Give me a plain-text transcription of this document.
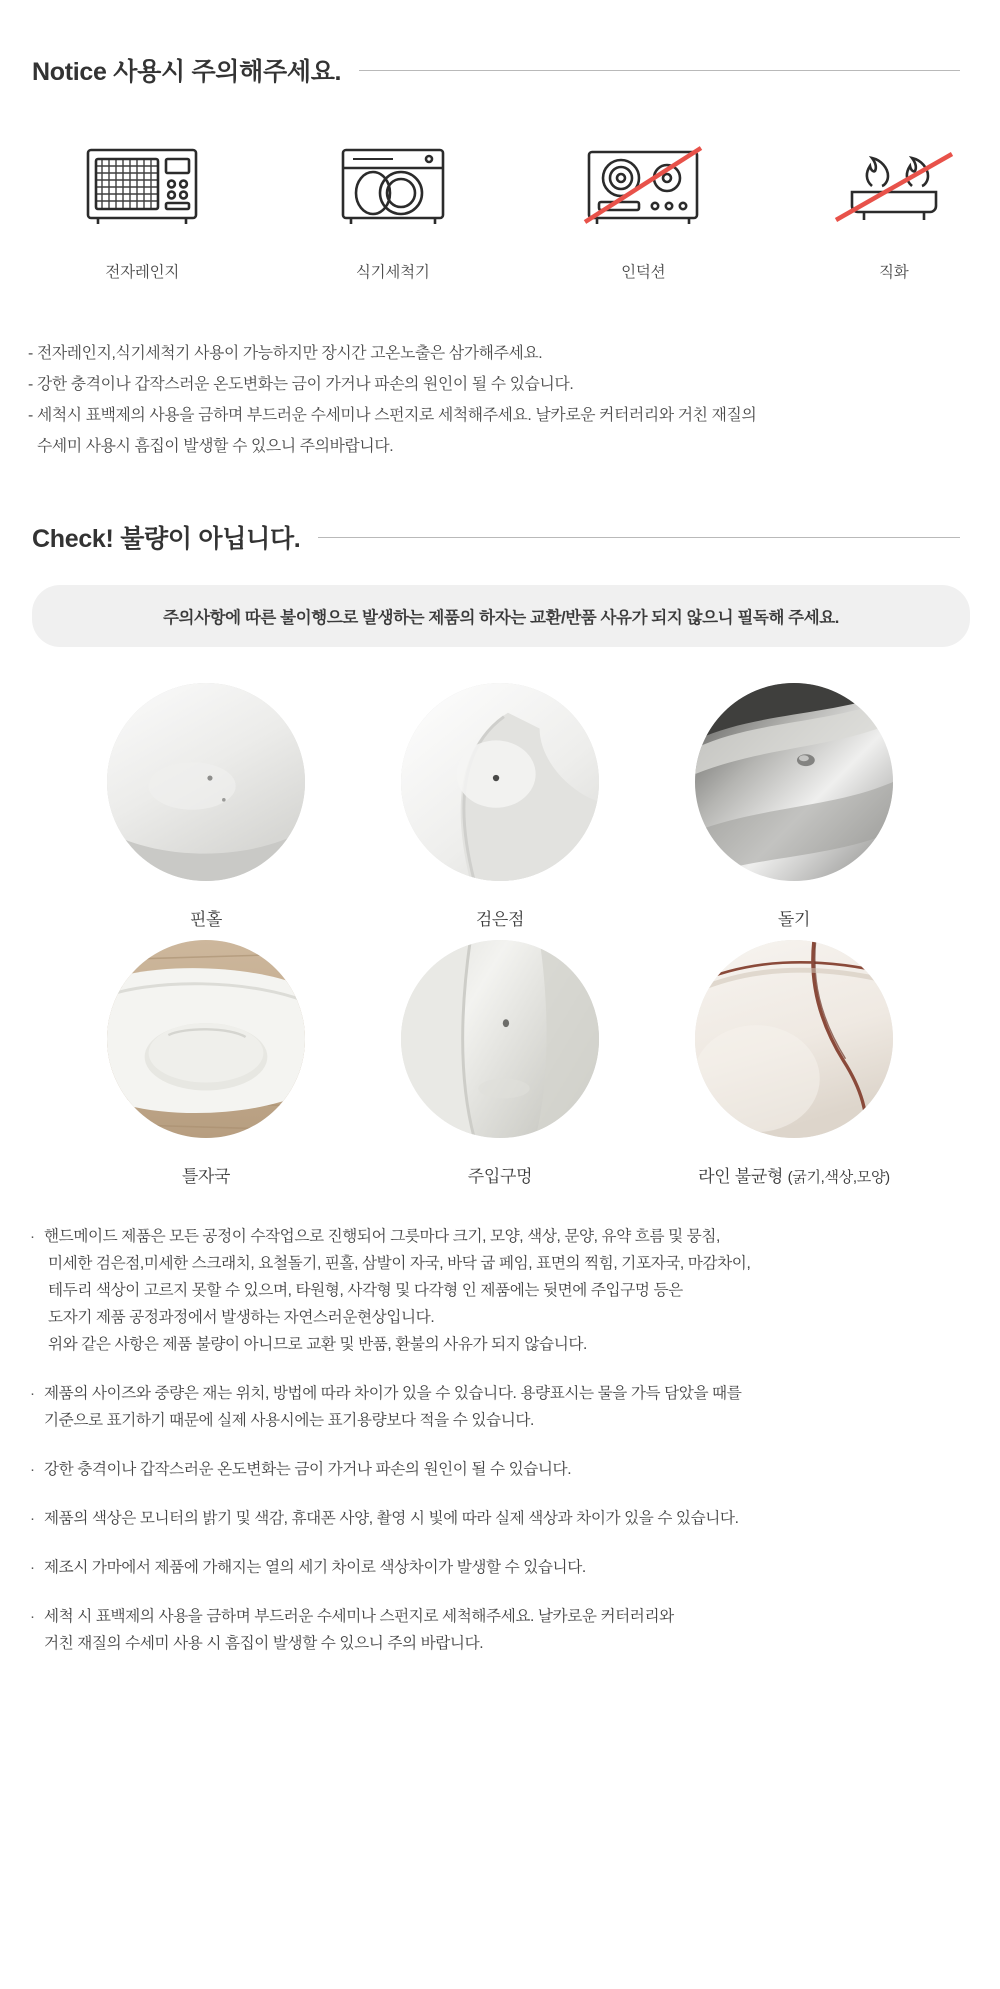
Notice 사용시 주의해주세요.
전자레인지	식기세척기	인덕션	직화

- 전자레인지,식기세척기 사용이 가능하지만 장시간 고온노출은 삼가해주세요.

- 강한 충격이나 갑작스러운 온도변화는 금이 가거나 파손의 원인이 될 수 있습니다.

- 세척시 표백제의 사용을 금하며 부드러운 수세미나 스펀지로 세척해주세요. 날카로운 커터러리와 거친 재질의

수세미 사용시 흠집이 발생할 수 있으니 주의바랍니다.

Check! 불량이 아닙니다.
주의사항에 따른 불이행으로 발생하는 제품의 하자는 교환/반품 사유가 되지 않으니 필독해 주세요.
핀홀	검은점	돌기
틀자국	주입구멍	라인 불균형 (굵기,색상,모양)
· 핸드메이드 제품은 모든 공정이 수작업으로 진행되어 그릇마다 크기, 모양, 색상, 문양, 유약 흐름 및 뭉침,
미세한 검은점,미세한 스크래치, 요철돌기, 핀홀, 삼발이 자국, 바닥 굽 페임, 표면의 찍힘, 기포자국, 마감차이,
테두리 색상이 고르지 못할 수 있으며, 타원형, 사각형 및 다각형 인 제품에는 뒷면에 주입구멍 등은
도자기 제품 공정과정에서 발생하는 자연스러운현상입니다.
위와 같은 사항은 제품 불량이 아니므로 교환 및 반품, 환불의 사유가 되지 않습니다.
· 제품의 사이즈와 중량은 재는 위치, 방법에 따라 차이가 있을 수 있습니다. 용량표시는 물을 가득 담았을 때를
기준으로 표기하기 때문에 실제 사용시에는 표기용량보다 적을 수 있습니다.
· 강한 충격이나 갑작스러운 온도변화는 금이 가거나 파손의 원인이 될 수 있습니다.
· 제품의 색상은 모니터의 밝기 및 색감, 휴대폰 사양, 촬영 시 빛에 따라 실제 색상과 차이가 있을 수 있습니다.
· 제조시 가마에서 제품에 가해지는 열의 세기 차이로 색상차이가 발생할 수 있습니다.
· 세척 시 표백제의 사용을 금하며 부드러운 수세미나 스펀지로 세척해주세요. 날카로운 커터러리와
거친 재질의 수세미 사용 시 흠집이 발생할 수 있으니 주의 바랍니다.
